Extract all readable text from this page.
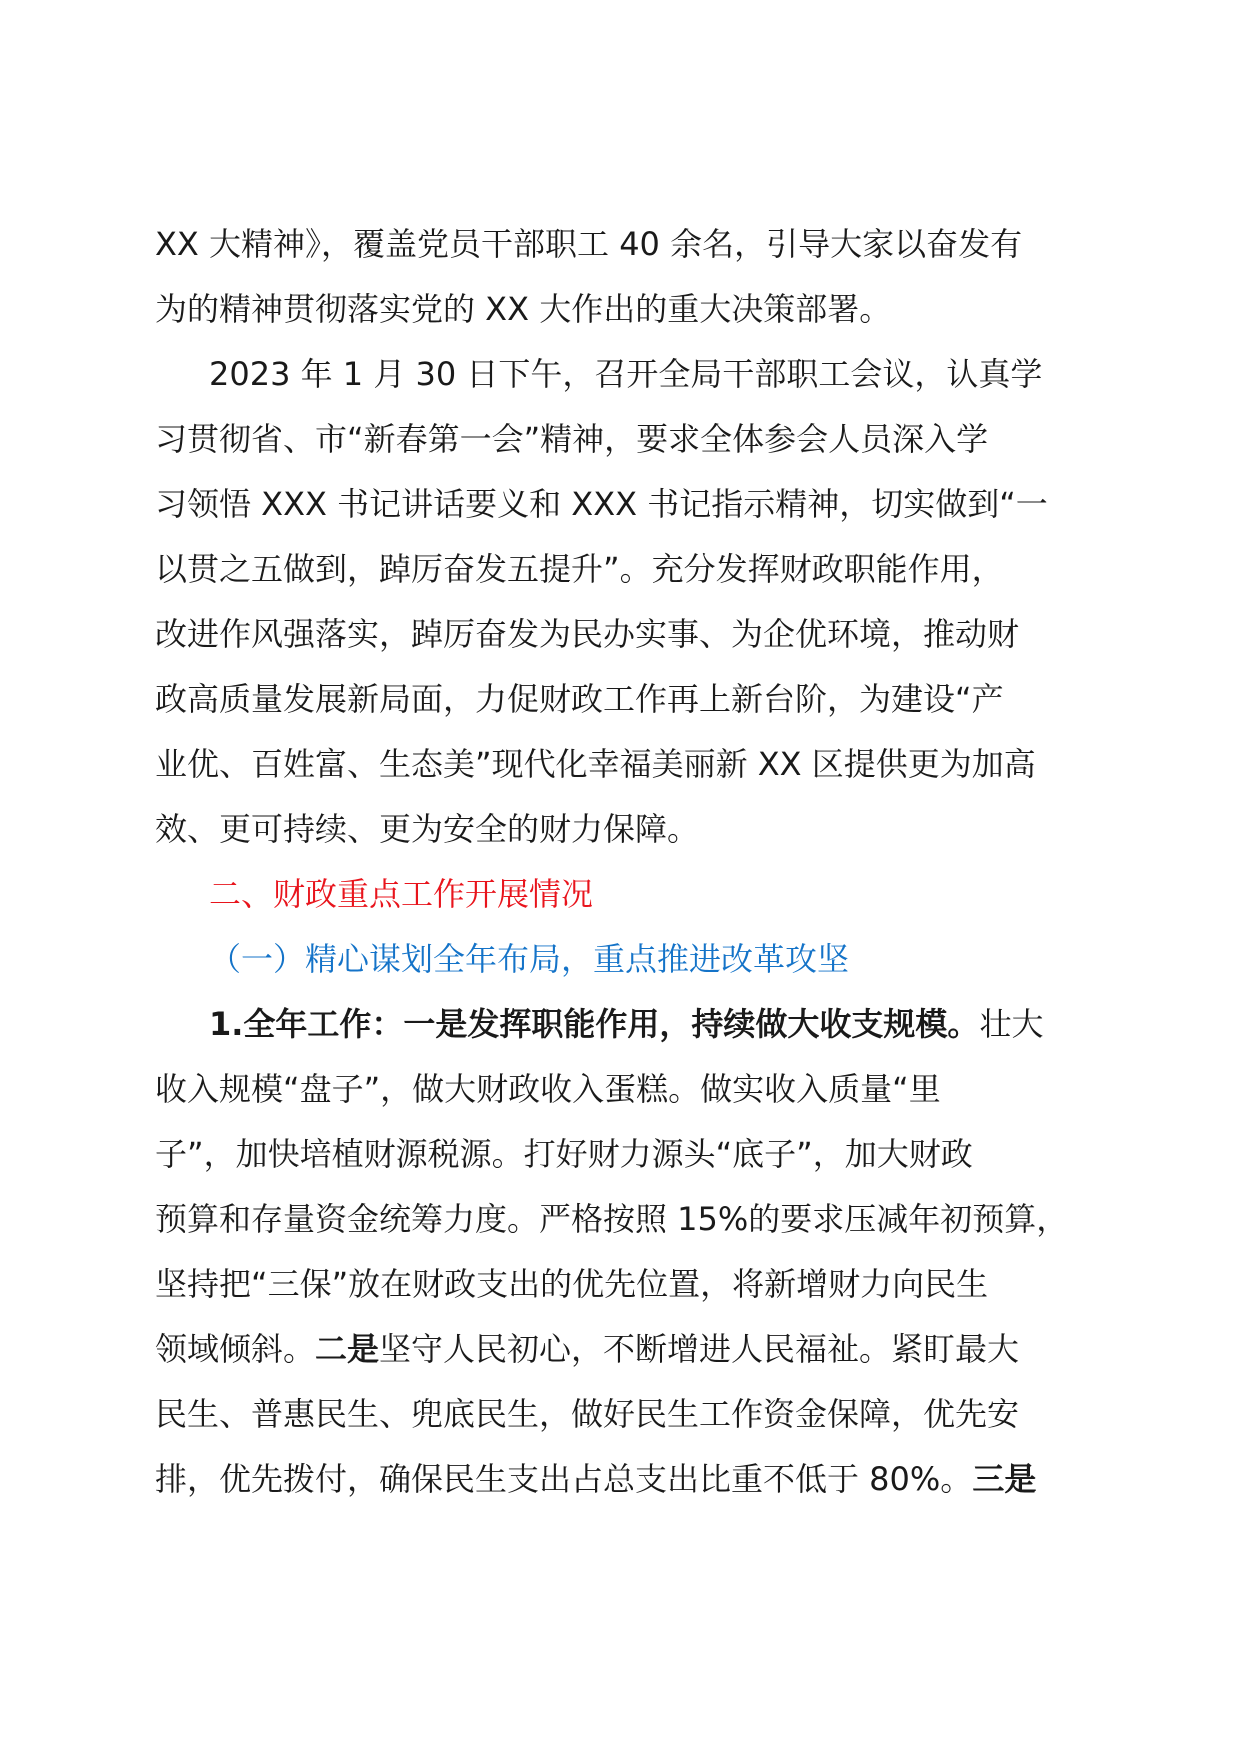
XX 大精神》，覆盖党员干部职工 40 余名，引导大家以奋发有
为的精神贯彻落实党的 XX 大作出的重大决策部署。

2023 年 1 月 30 日下午，召开全局干部职工会议，认真学
习贯彻省、市“新春第一会”精神，要求全体参会人员深入学
习领悟 XXX 书记讲话要义和 XXX 书记指示精神，切实做到“一
以贯之五做到，踔厉奋发五提升”。充分发挥财政职能作用，
改进作风强落实，踔厉奋发为民办实事、为企优环境，推动财
政高质量发展新局面，力促财政工作再上新台阶，为建设“产
业优、百姓富、生态美”现代化幸福美丽新 XX 区提供更为加高
效、更可持续、更为安全的财力保障。

二、财政重点工作开展情况

（一）精心谋划全年布局，重点推进改革攻坚

1.全年工作：一是发挥职能作用，持续做大收支规模。壮大
收入规模“盘子”，做大财政收入蛋糕。做实收入质量“里
子”，加快培植财源税源。打好财力源头“底子”，加大财政
预算和存量资金统筹力度。严格按照 15%的要求压减年初预算，
坚持把“三保”放在财政支出的优先位置，将新增财力向民生
领域倾斜。二是坚守人民初心，不断增进人民福祉。紧盯最大
民生、普惠民生、兜底民生，做好民生工作资金保障，优先安
排，优先拨付，确保民生支出占总支出比重不低于 80%。三是
